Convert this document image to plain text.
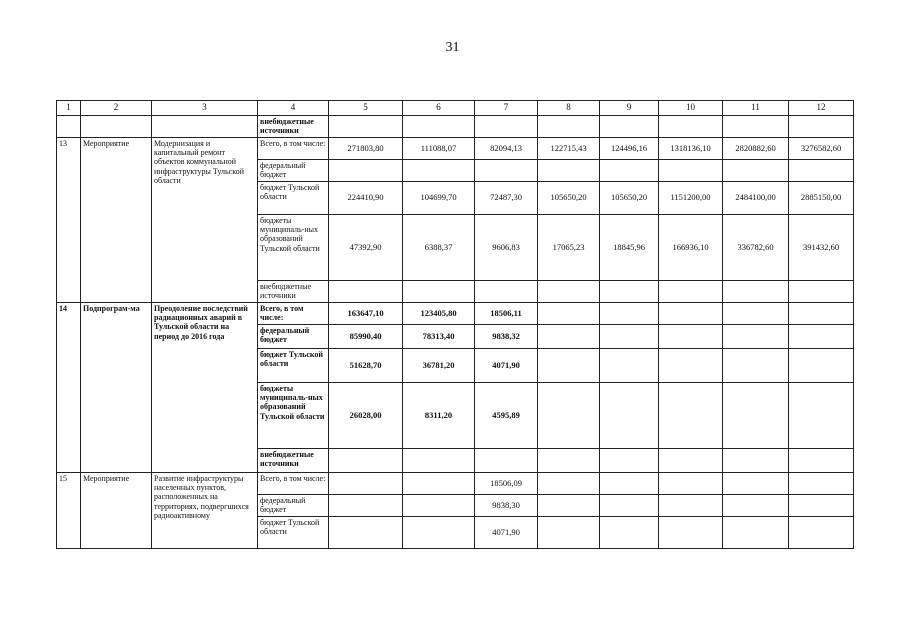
31
1	2	3	4	5	6	7	8	9	10	11	12
			внебюджетные источники								
13	Мероприятие	Модернизация и капитальный ремонт объектов коммунальной инфраструктуры Тульской области	Всего, в том числе:	271803,80	111088,07	82094,13	122715,43	124496,16	1318136,10	2820882,60	3276582,60
			федеральный бюджет								
			бюджет Тульской области	224410,90	104699,70	72487,30	105650,20	105650,20	1151200,00	2484100,00	2885150,00
			бюджеты муниципаль-ных образований Тульской области	47392,90	6388,37	9606,83	17065,23	18845,96	166936,10	336782,60	391432,60
			внебюджетные источники								
14	Подпрограм-ма	Преодоление последствий радиационных аварий в Тульской области на период до 2016 года	Всего, в том числе:	163647,10	123405,80	18506,11					
			федеральный бюджет	85990,40	78313,40	9838,32					
			бюджет Тульской области	51628,70	36781,20	4071,90					
			бюджеты муниципаль-ных образований Тульской области	26028,00	8311,20	4595,89					
			внебюджетные источники								
15	Мероприятие	Развитие инфраструктуры населенных пунктов, расположенных на территориях, подвергшихся радиоактивному	Всего, в том числе:			18506,09					
			федеральный бюджет			9838,30					
			бюджет Тульской области			4071,90					
